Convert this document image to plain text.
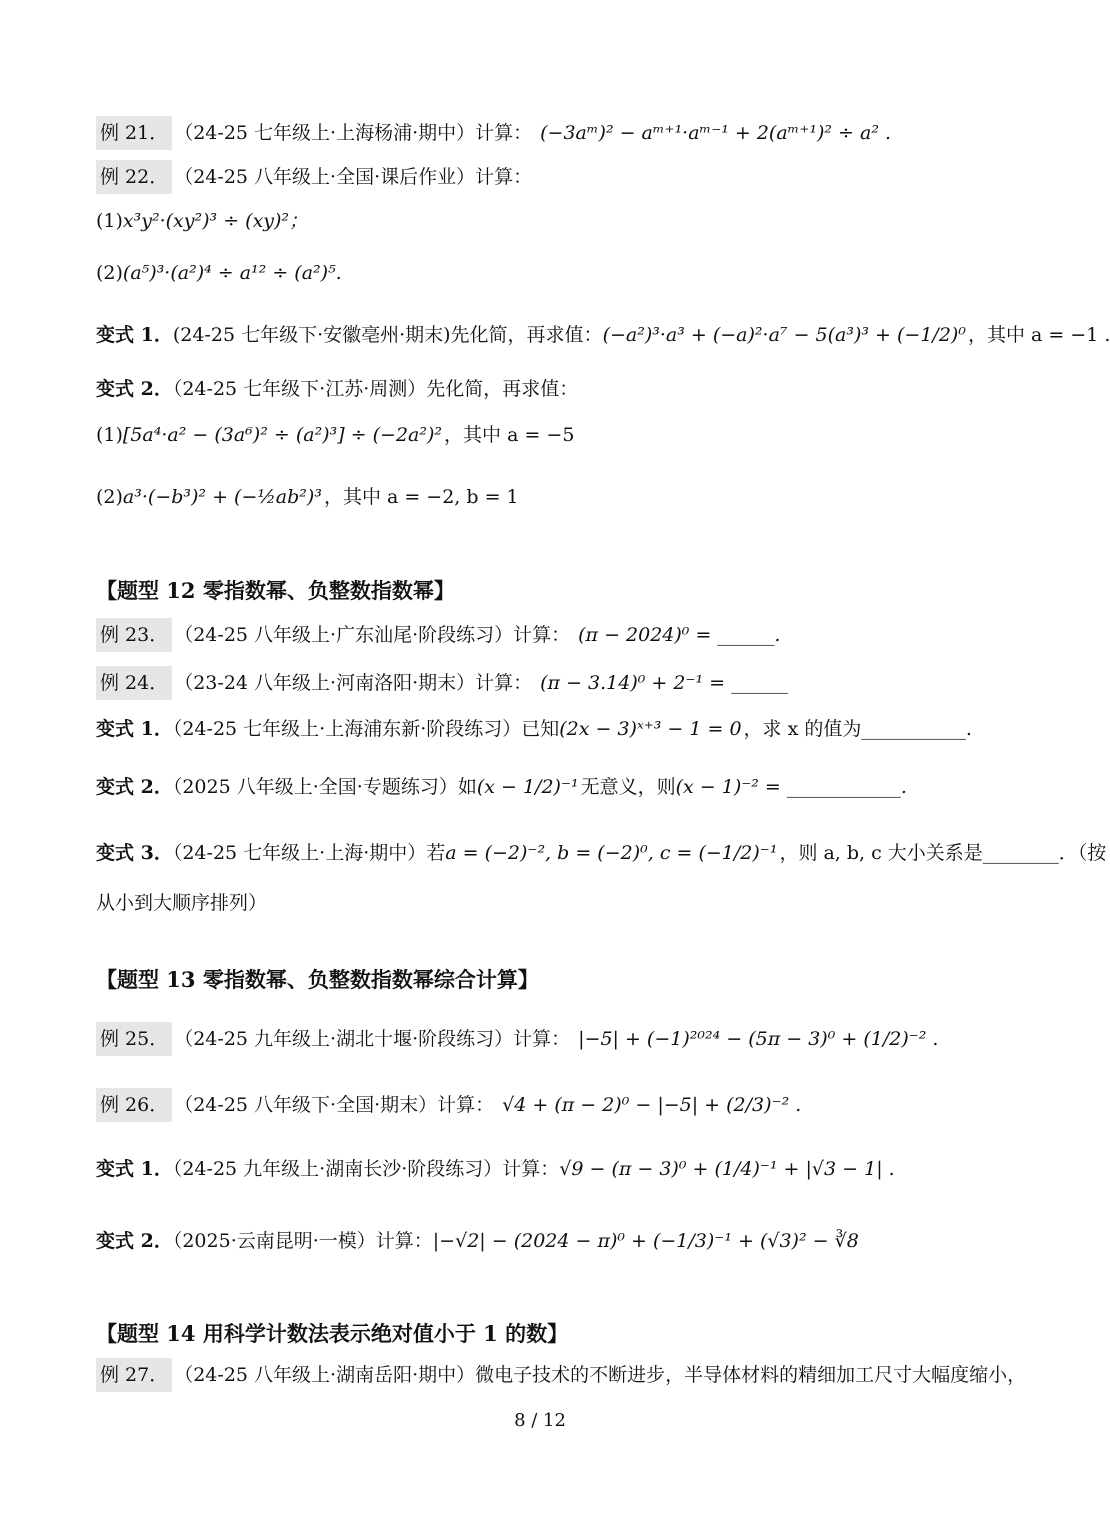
例 21． （24-25 七年级上·上海杨浦·期中）计算： (−3aᵐ)² − aᵐ⁺¹·aᵐ⁻¹ + 2(aᵐ⁺¹)² ÷ a² .
例 22． （24-25 八年级上·全国·课后作业）计算：
(1)x³y²·(xy²)³ ÷ (xy)²；
(2)(a⁵)³·(a²)⁴ ÷ a¹² ÷ (a²)⁵.
变式 1．(24-25 七年级下·安徽亳州·期末)先化简，再求值：(−a²)³·a³ + (−a)²·a⁷ − 5(a³)³ + (−1/2)⁰ ，其中 a = −1 .
变式 2．（24-25 七年级下·江苏·周测）先化简，再求值：
(1)[5a⁴·a² − (3a⁶)² ÷ (a²)³] ÷ (−2a²)² ，其中 a = −5
(2)a³·(−b³)² + (−½ab²)³ ，其中 a = −2, b = 1
【题型 12 零指数幂、负整数指数幂】
例 23． （24-25 八年级上·广东汕尾·阶段练习）计算： (π − 2024)⁰ = ______.
例 24． （23-24 八年级上·河南洛阳·期末）计算： (π − 3.14)⁰ + 2⁻¹ = ______
变式 1．（24-25 七年级上·上海浦东新·阶段练习）已知(2x − 3)ˣ⁺³ − 1 = 0 ，求 x 的值为___________.
变式 2．（2025 八年级上·全国·专题练习）如(x − 1/2)⁻¹ 无意义，则(x − 1)⁻² = ____________.
变式 3．（24-25 七年级上·上海·期中）若a = (−2)⁻², b = (−2)⁰, c = (−1/2)⁻¹ ，则 a, b, c 大小关系是________．（按
从小到大顺序排列）
【题型 13 零指数幂、负整数指数幂综合计算】
例 25． （24-25 九年级上·湖北十堰·阶段练习）计算： |−5| + (−1)²⁰²⁴ − (5π − 3)⁰ + (1/2)⁻² .
例 26． （24-25 八年级下·全国·期末）计算： √4 + (π − 2)⁰ − |−5| + (2/3)⁻² .
变式 1．（24-25 九年级上·湖南长沙·阶段练习）计算：√9 − (π − 3)⁰ + (1/4)⁻¹ + |√3 − 1| .
变式 2．（2025·云南昆明·一模）计算：|−√2| − (2024 − π)⁰ + (−1/3)⁻¹ + (√3)² − ∛8
【题型 14 用科学计数法表示绝对值小于 1 的数】
例 27． （24-25 八年级上·湖南岳阳·期中）微电子技术的不断进步，半导体材料的精细加工尺寸大幅度缩小，
8 / 12
